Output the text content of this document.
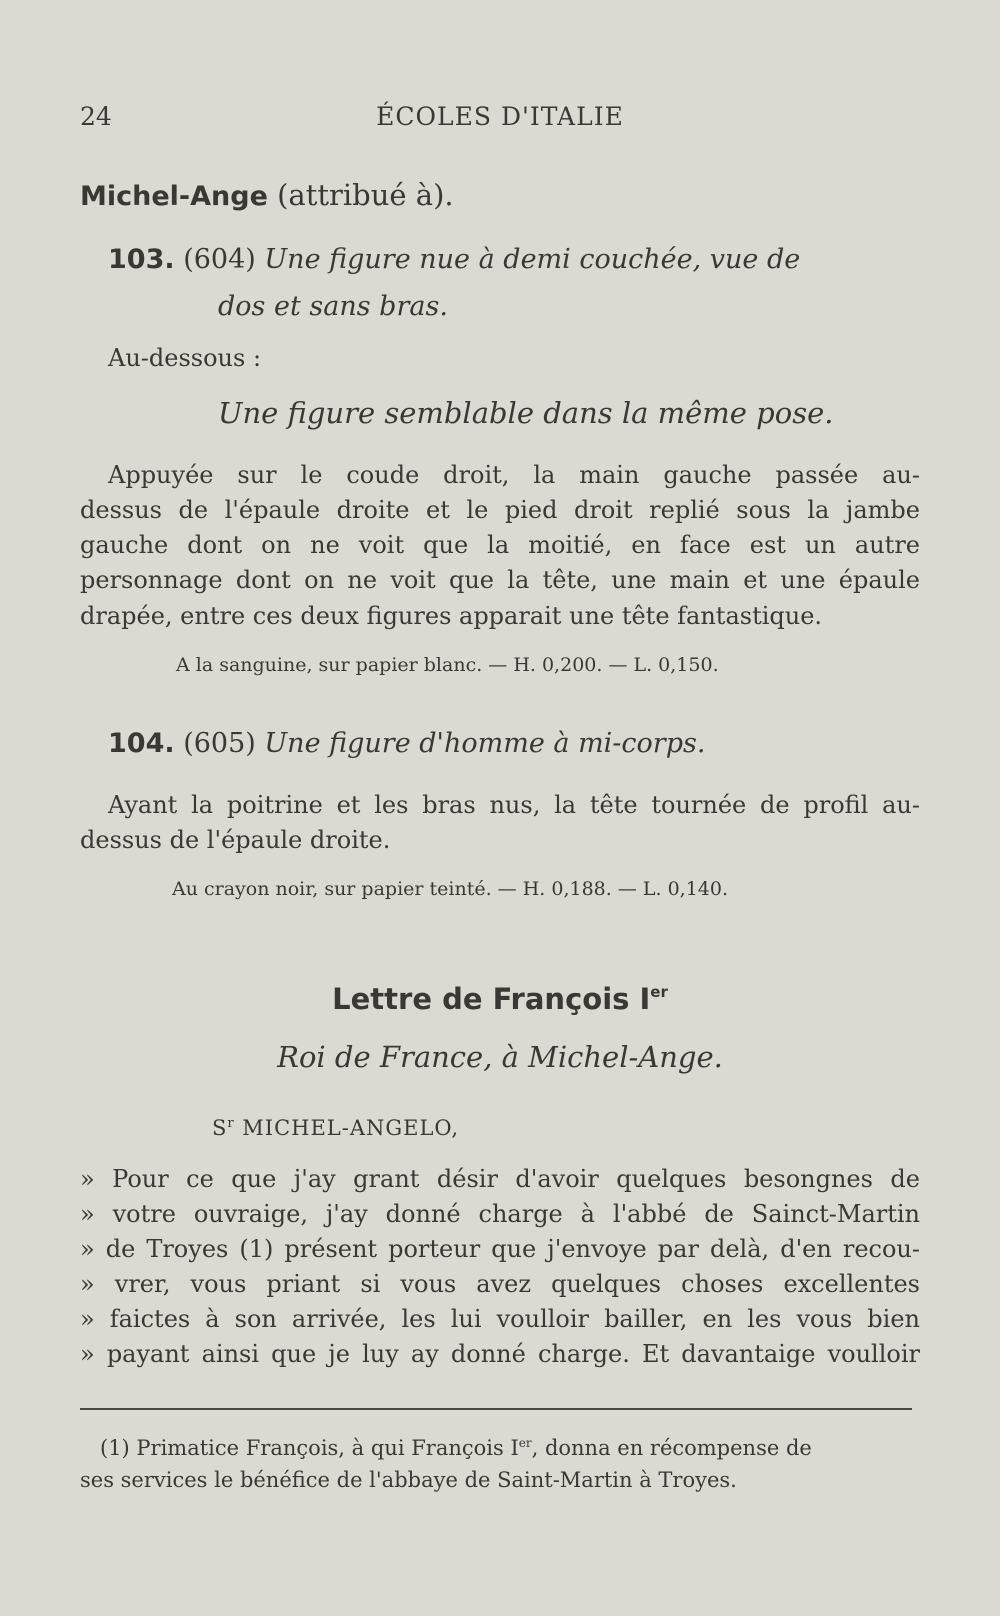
24	ÉCOLES D'ITALIE
Michel-Ange (attribué à).
103. (604) Une figure nue à demi couchée, vue de
dos et sans bras.
Au-dessous :
Une figure semblable dans la même pose.
Appuyée sur le coude droit, la main gauche passée au-
dessus de l'épaule droite et le pied droit replié sous la jambe
gauche dont on ne voit que la moitié, en face est un autre
personnage dont on ne voit que la tête, une main et une épaule
drapée, entre ces deux figures apparait une tête fantastique.
A la sanguine, sur papier blanc. — H. 0,200. — L. 0,150.
104. (605) Une figure d'homme à mi-corps.
Ayant la poitrine et les bras nus, la tête tournée de profil au-
dessus de l'épaule droite.
Au crayon noir, sur papier teinté. — H. 0,188. — L. 0,140.
Lettre de François Ier
Roi de France, à Michel-Ange.
$S^r$ MICHEL-ANGELO,
» Pour ce que j'ay grant désir d'avoir quelques besongnes de
» votre ouvraige, j'ay donné charge à l'abbé de Sainct-Martin
» de Troyes (1) présent porteur que j'envoye par delà, d'en recou-
» vrer, vous priant si vous avez quelques choses excellentes
» faictes à son arrivée, les lui voulloir bailler, en les vous bien
» payant ainsi que je luy ay donné charge. Et davantaige voulloir
(1) Primatice François, à qui François Ier, donna en récompense de
ses services le bénéfice de l'abbaye de Saint-Martin à Troyes.
